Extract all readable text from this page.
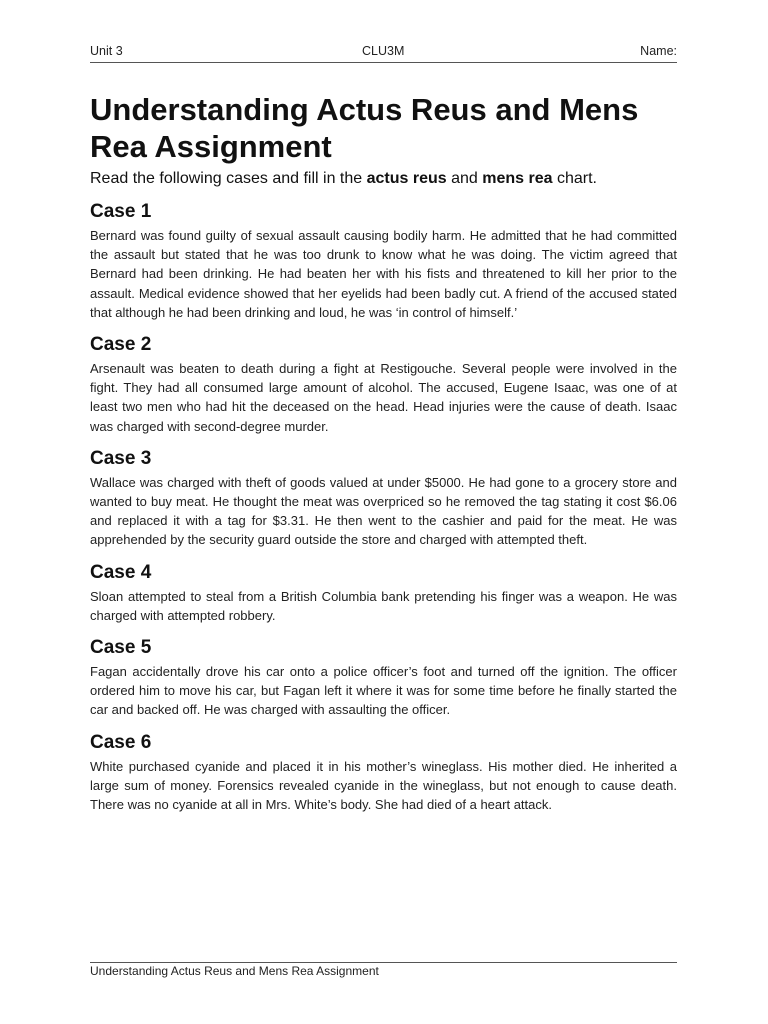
Unit 3	CLU3M	Name:
Understanding Actus Reus and Mens Rea Assignment

Read the following cases and fill in the actus reus and mens rea chart.

Case 1

Bernard was found guilty of sexual assault causing bodily harm. He admitted that he had committed the assault but stated that he was too drunk to know what he was doing. The victim agreed that Bernard had been drinking. He had beaten her with his fists and threatened to kill her prior to the assault. Medical evidence showed that her eyelids had been badly cut. A friend of the accused stated that although he had been drinking and loud, he was ‘in control of himself.’

Case 2

Arsenault was beaten to death during a fight at Restigouche. Several people were involved in the fight. They had all consumed large amount of alcohol. The accused, Eugene Isaac, was one of at least two men who had hit the deceased on the head. Head injuries were the cause of death. Isaac was charged with second-degree murder.

Case 3

Wallace was charged with theft of goods valued at under $5000. He had gone to a grocery store and wanted to buy meat. He thought the meat was overpriced so he removed the tag stating it cost $6.06 and replaced it with a tag for $3.31. He then went to the cashier and paid for the meat. He was apprehended by the security guard outside the store and charged with attempted theft.

Case 4

Sloan attempted to steal from a British Columbia bank pretending his finger was a weapon. He was charged with attempted robbery.

Case 5

Fagan accidentally drove his car onto a police officer’s foot and turned off the ignition. The officer ordered him to move his car, but Fagan left it where it was for some time before he finally started the car and backed off. He was charged with assaulting the officer.

Case 6

White purchased cyanide and placed it in his mother’s wineglass. His mother died. He inherited a large sum of money. Forensics revealed cyanide in the wineglass, but not enough to cause death. There was no cyanide at all in Mrs. White’s body. She had died of a heart attack.

Understanding Actus Reus and Mens Rea Assignment
